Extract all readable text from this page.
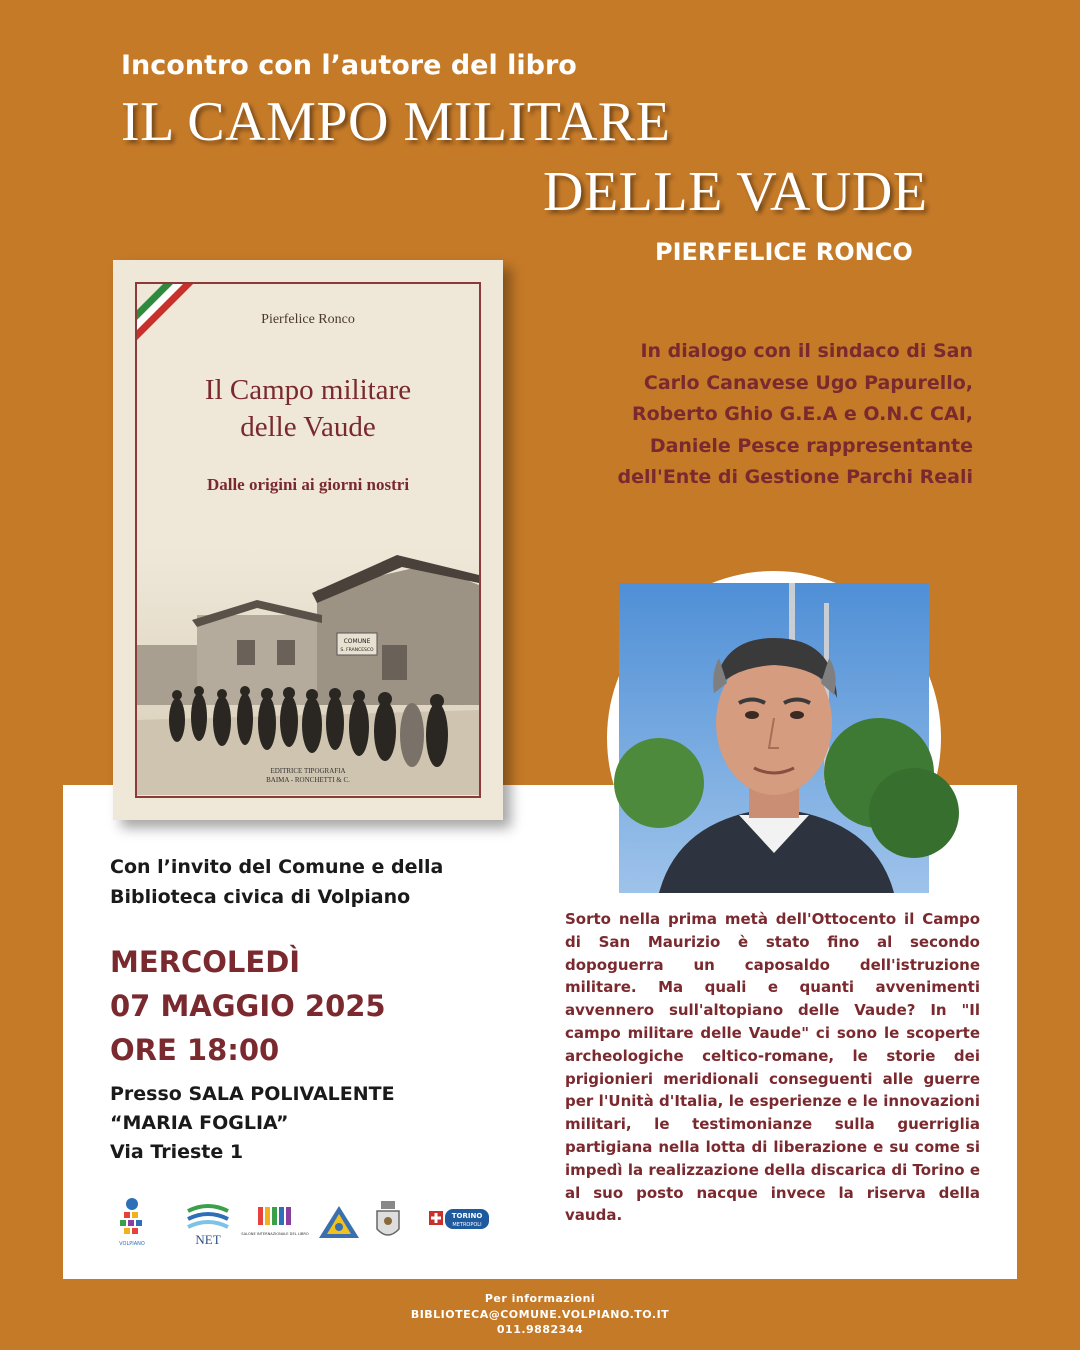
Incontro con l’autore del libro
IL CAMPO MILITARE
DELLE VAUDE
PIERFELICE RONCO
In dialogo con il sindaco di San
Carlo Canavese Ugo Papurello,
Roberto Ghio G.E.A e O.N.C CAI,
Daniele Pesce rappresentante
dell'Ente di Gestione Parchi Reali
Pierfelice Ronco
Il Campo militare
delle Vaude
Dalle origini ai giorni nostri
COMUNE
S. FRANCESCO
EDITRICE TIPOGRAFIA
BAIMA - RONCHETTI & C.
Con l’invito del Comune e della
Biblioteca civica di Volpiano
MERCOLEDÌ
07 MAGGIO 2025
ORE 18:00
Presso SALA POLIVALENTE
“MARIA FOGLIA”
Via Trieste 1
Sorto nella prima metà dell'Ottocento il Campo di San Maurizio è stato fino al secondo dopoguerra un caposaldo dell'istruzione militare. Ma quali e quanti avvenimenti avvennero sull'altopiano delle Vaude? In "Il campo militare delle Vaude" ci sono le scoperte archeologiche celtico-romane, le storie dei prigionieri meridionali conseguenti alle guerre per l'Unità d'Italia, le esperienze e le innovazioni militari, le testimonianze sulla guerriglia partigiana nella lotta di liberazione e su come si impedì la realizzazione della discarica di Torino e al suo posto nacque invece la riserva della vauda.
VOLPIANO	NET	SALONE INTERNAZIONALE DEL LIBRO
TORINO
METROPOLI
Per informazioni
BIBLIOTECA@COMUNE.VOLPIANO.TO.IT
011.9882344
